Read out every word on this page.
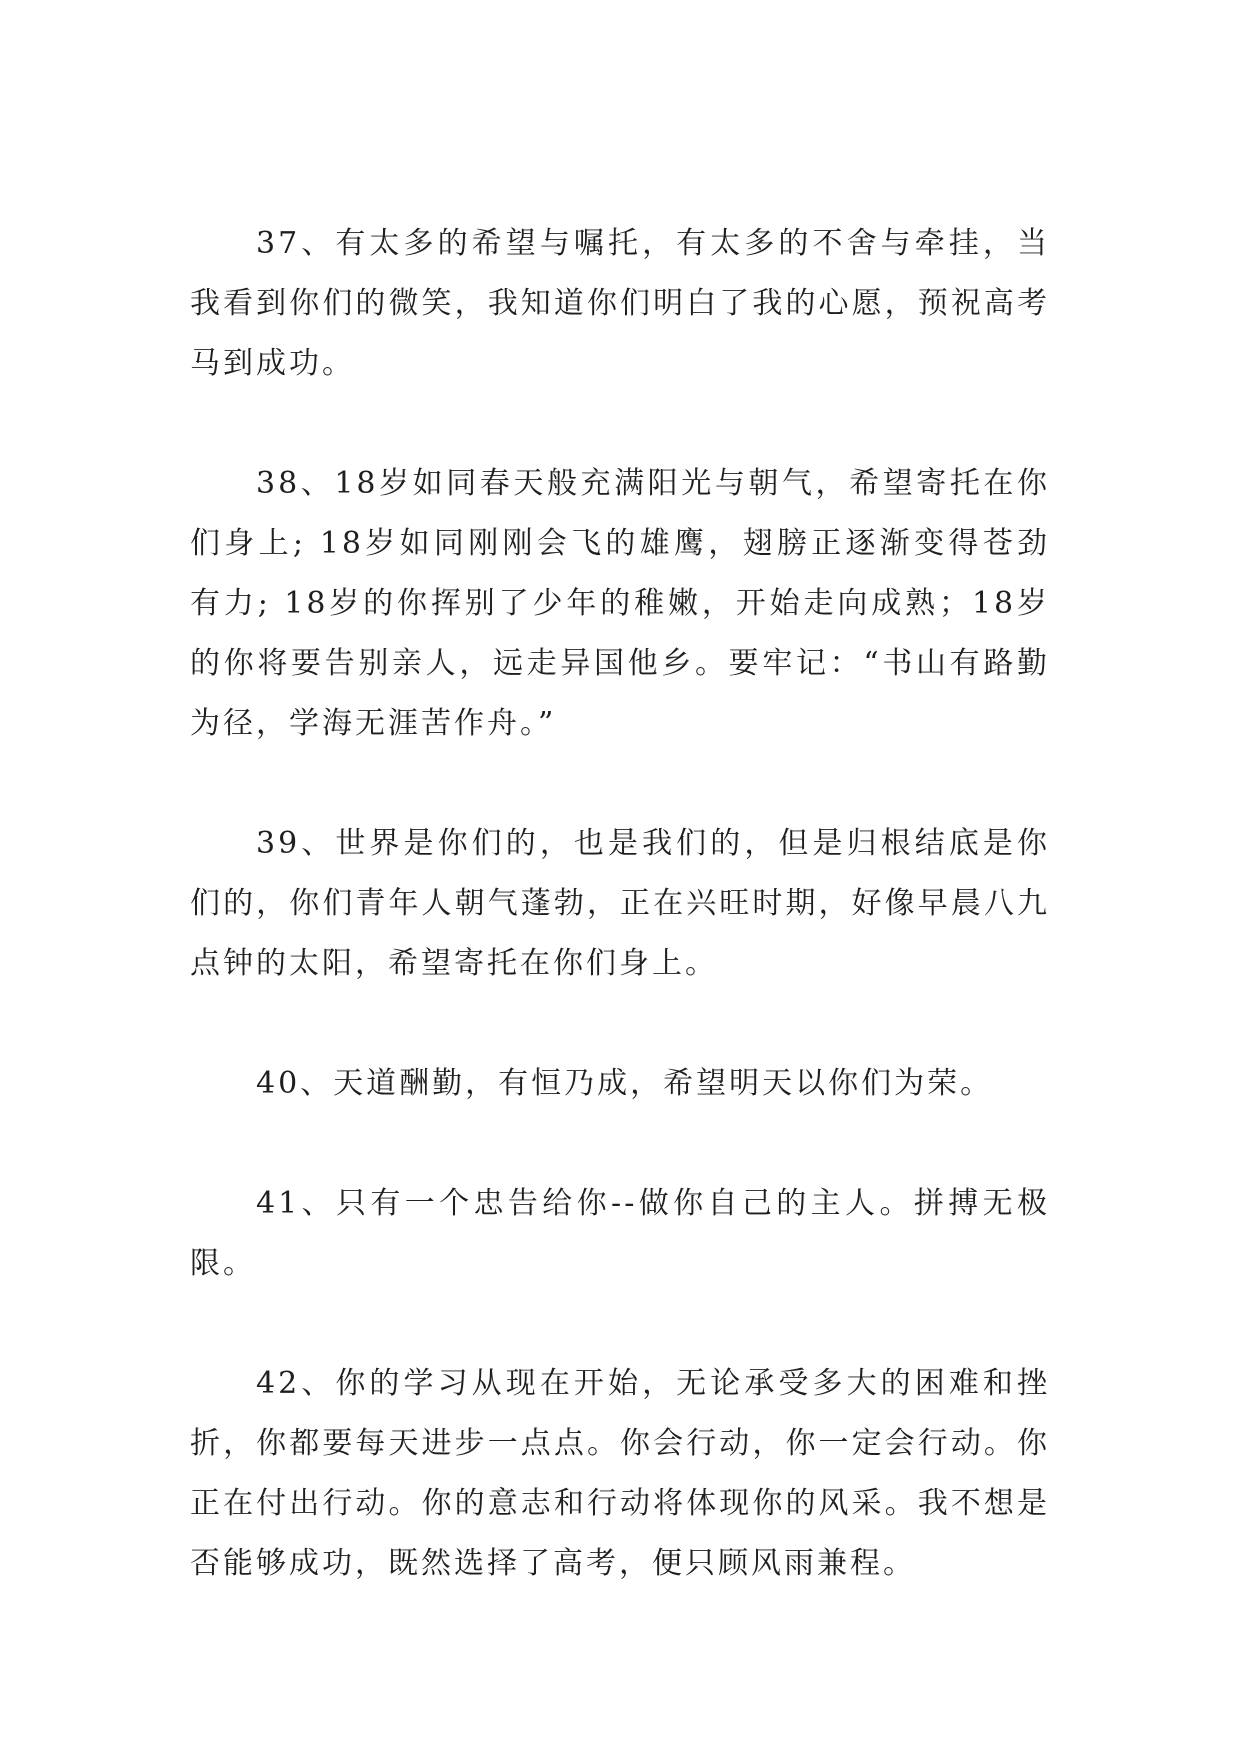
37、有太多的希望与嘱托，有太多的不舍与牵挂，当我看到你们的微笑，我知道你们明白了我的心愿，预祝高考马到成功。

38、18岁如同春天般充满阳光与朝气，希望寄托在你们身上; 18岁如同刚刚会飞的雄鹰，翅膀正逐渐变得苍劲有力; 18岁的你挥别了少年的稚嫩，开始走向成熟；18岁的你将要告别亲人，远走异国他乡。要牢记：“书山有路勤为径，学海无涯苦作舟。”

39、世界是你们的，也是我们的，但是归根结底是你们的，你们青年人朝气蓬勃，正在兴旺时期，好像早晨八九点钟的太阳，希望寄托在你们身上。

40、天道酬勤，有恒乃成，希望明天以你们为荣。

41、只有一个忠告给你--做你自己的主人。拼搏无极限。

42、你的学习从现在开始，无论承受多大的困难和挫折，你都要每天进步一点点。你会行动，你一定会行动。你正在付出行动。你的意志和行动将体现你的风采。我不想是否能够成功，既然选择了高考，便只顾风雨兼程。
